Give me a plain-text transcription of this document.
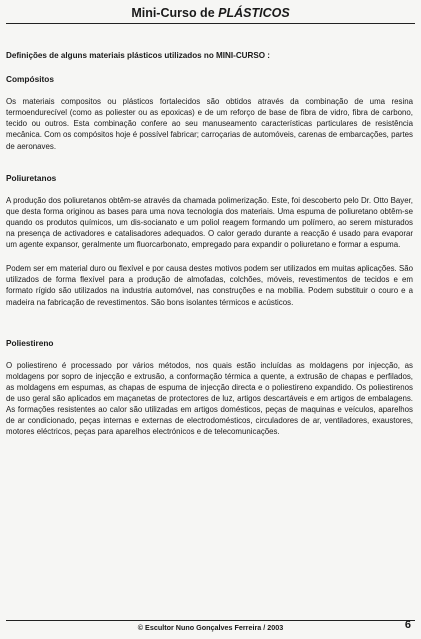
Mini-Curso de PLÁSTICOS

Definições de alguns materiais plásticos utilizados no MINI-CURSO :

Compósitos

Os materiais compositos ou plásticos fortalecidos são obtidos através da combinação de uma resina termoendurecível (como as poliester ou as epoxicas) e de um reforço de base de fibra de vidro, fibra de carbono, tecido ou outros. Esta combinação confere ao seu manuseamento características particulares de resistência mecânica. Com os compósitos hoje é possível fabricar; carroçarias de automóveis, carenas de embarcações, partes de aeronaves.

Poliuretanos

A produção dos poliuretanos obtêm-se através da chamada polimerização. Este, foi descoberto pelo Dr. Otto Bayer, que desta forma originou as bases para uma nova tecnologia dos materiais. Uma espuma de poliuretano obtêm-se quando os produtos químicos, um dis-socianato e um poliol reagem formando um polímero, ao serem misturados na presença de activadores e catalisadores adequados. O calor gerado durante a reacção é usado para evaporar um agente expansor, geralmente um fluorcarbonato, empregado para expandir o poliuretano e formar a espuma.

Podem ser em material duro ou flexível e por causa destes motivos podem ser utilizados em muitas aplicações. São utilizados de forma flexível para a produção de almofadas, colchões, móveis, revestimentos de tecidos e em formato rígido são utilizados na industria automóvel, nas construções e na mobília. Podem substituir o couro e a madeira na fabricação de revestimentos. São bons isolantes térmicos e acústicos.

Poliestireno

O poliestireno é processado por vários métodos, nos quais estão incluídas as moldagens por injecção, as moldagens por sopro de injecção e extrusão, a conformação térmica a quente, a extrusão de chapas e perfilados, as moldagens em espumas, as chapas de espuma de injecção directa e o poliestireno expandido. Os poliestirenos de uso geral são aplicados em maçanetas de protectores de luz, artigos descartáveis e em artigos de embalagens. As formações resistentes ao calor são utilizadas em artigos domésticos, peças de maquinas e veículos, aparelhos de ar condicionado, peças internas e externas de electrodomésticos, circuladores de ar, ventiladores, exaustores, motores eléctricos, peças para aparelhos electrónicos e de telecomunicações.

© Escultor Nuno Gonçalves Ferreira / 2003	6
